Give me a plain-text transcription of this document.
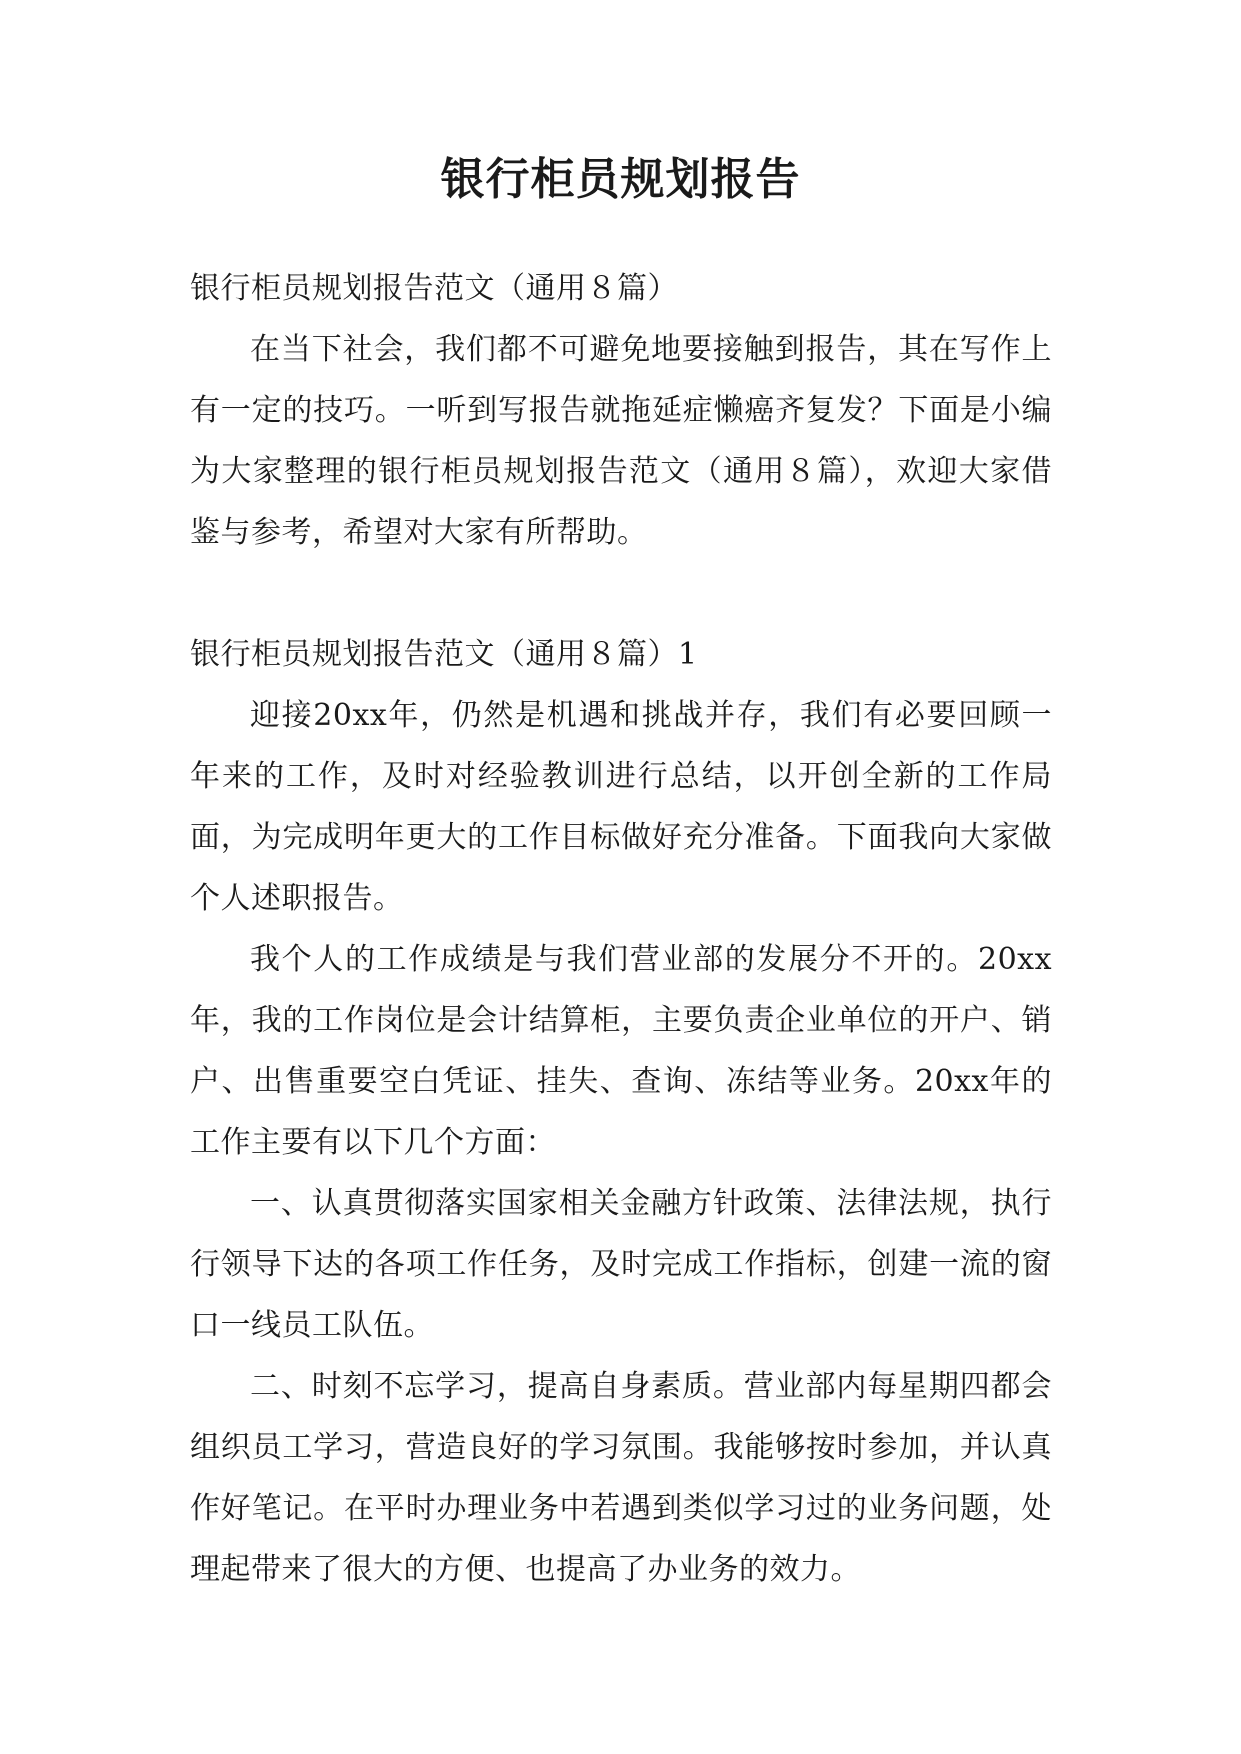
银行柜员规划报告

银行柜员规划报告范文（通用８篇）

在当下社会，我们都不可避免地要接触到报告，其在写作上有一定的技巧。一听到写报告就拖延症懒癌齐复发？下面是小编为大家整理的银行柜员规划报告范文（通用８篇），欢迎大家借鉴与参考，希望对大家有所帮助。

银行柜员规划报告范文（通用８篇）1

迎接20xx年，仍然是机遇和挑战并存，我们有必要回顾一年来的工作，及时对经验教训进行总结，以开创全新的工作局面，为完成明年更大的工作目标做好充分准备。下面我向大家做个人述职报告。

我个人的工作成绩是与我们营业部的发展分不开的。20xx年，我的工作岗位是会计结算柜，主要负责企业单位的开户、销户、出售重要空白凭证、挂失、查询、冻结等业务。20xx年的工作主要有以下几个方面：

一、认真贯彻落实国家相关金融方针政策、法律法规，执行行领导下达的各项工作任务，及时完成工作指标，创建一流的窗口一线员工队伍。

二、时刻不忘学习，提高自身素质。营业部内每星期四都会组织员工学习，营造良好的学习氛围。我能够按时参加，并认真作好笔记。在平时办理业务中若遇到类似学习过的业务问题，处理起带来了很大的方便、也提高了办业务的效力。
